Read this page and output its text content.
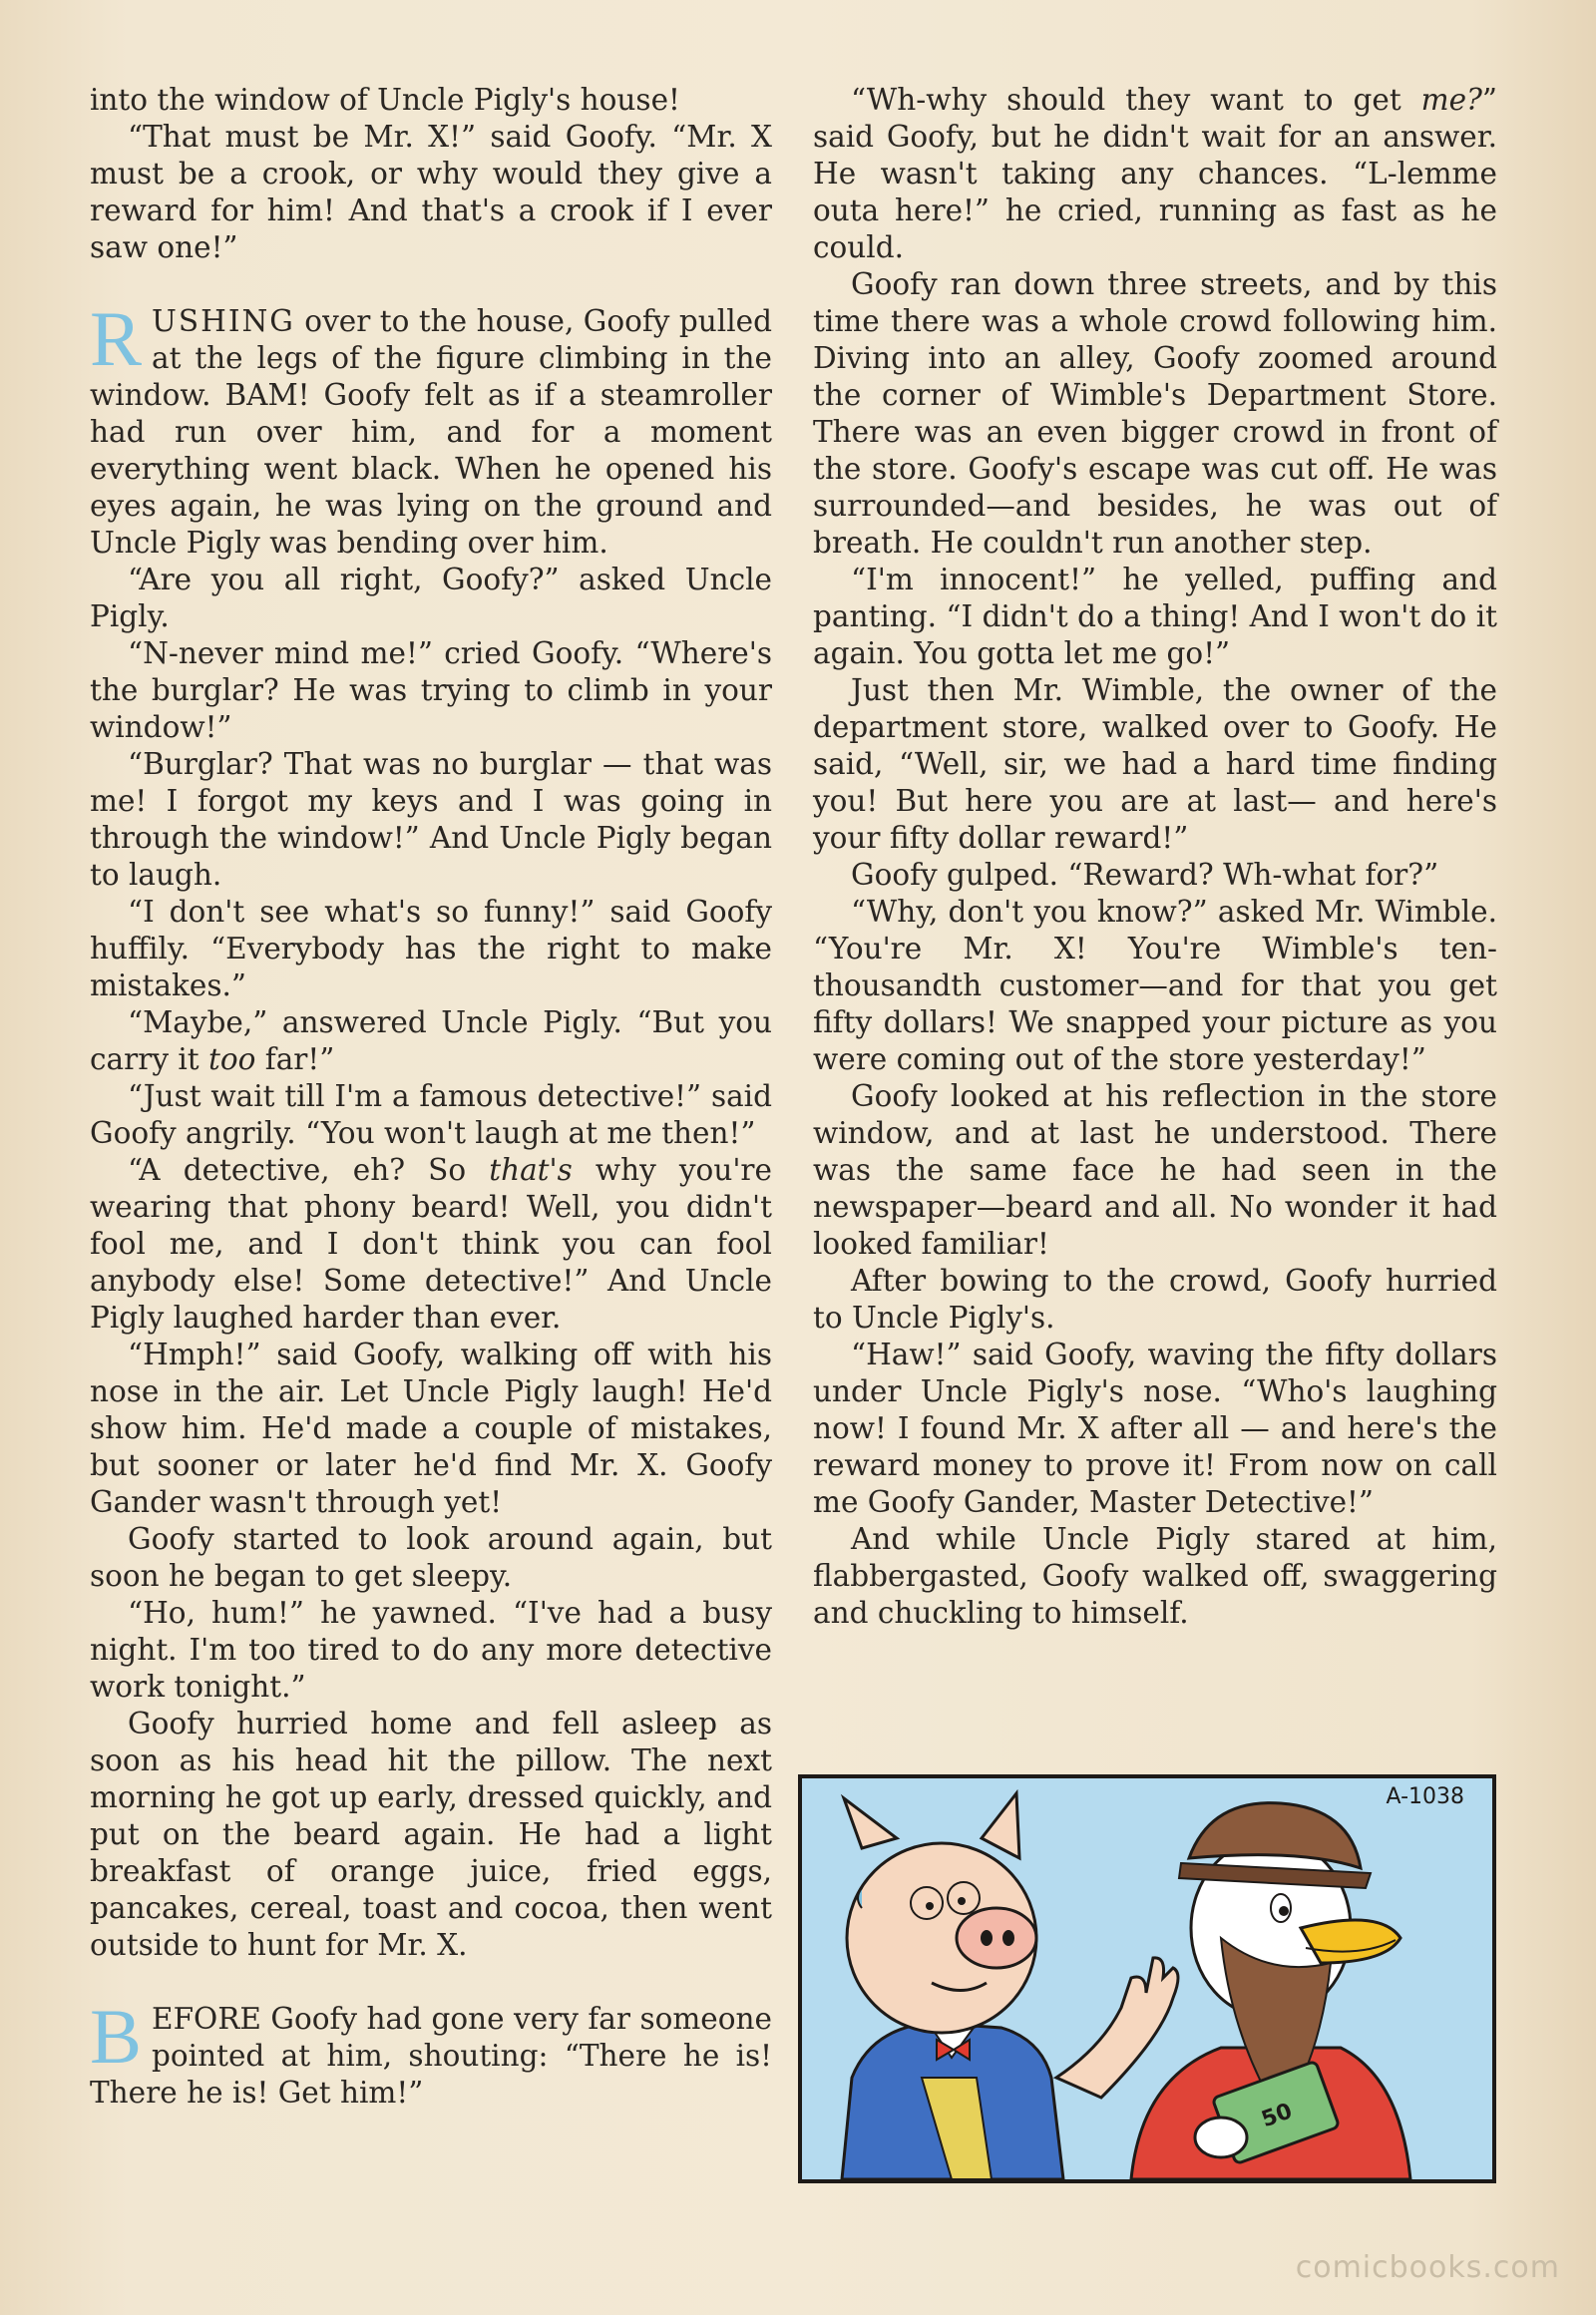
into the window of Uncle Pigly's house!

“That must be Mr. X!” said Goofy. “Mr. X must be a crook, or why would they give a reward for him! And that's a crook if I ever saw one!”

RUSHING over to the house, Goofy pulled at the legs of the figure climbing in the window. BAM! Goofy felt as if a steamroller had run over him, and for a moment everything went black. When he opened his eyes again, he was lying on the ground and Uncle Pigly was bending over him.

“Are you all right, Goofy?” asked Uncle Pigly.

“N-never mind me!” cried Goofy. “Where's the burglar? He was trying to climb in your window!”

“Burglar? That was no burglar — that was me! I forgot my keys and I was going in through the window!” And Uncle Pigly began to laugh.

“I don't see what's so funny!” said Goofy huffily. “Everybody has the right to make mistakes.”

“Maybe,” answered Uncle Pigly. “But you carry it too far!”

“Just wait till I'm a famous detective!” said Goofy angrily. “You won't laugh at me then!”

“A detective, eh? So that's why you're wearing that phony beard! Well, you didn't fool me, and I don't think you can fool anybody else! Some detective!” And Uncle Pigly laughed harder than ever.

“Hmph!” said Goofy, walking off with his nose in the air. Let Uncle Pigly laugh! He'd show him. He'd made a couple of mistakes, but sooner or later he'd find Mr. X. Goofy Gander wasn't through yet!

Goofy started to look around again, but soon he began to get sleepy.

“Ho, hum!” he yawned. “I've had a busy night. I'm too tired to do any more detective work tonight.”

Goofy hurried home and fell asleep as soon as his head hit the pillow. The next morning he got up early, dressed quickly, and put on the beard again. He had a light breakfast of orange juice, fried eggs, pancakes, cereal, toast and cocoa, then went outside to hunt for Mr. X.

BEFORE Goofy had gone very far someone pointed at him, shouting: “There he is! There he is! Get him!”

“Wh-why should they want to get me?” said Goofy, but he didn't wait for an answer. He wasn't taking any chances. “L-lemme outa here!” he cried, running as fast as he could.

Goofy ran down three streets, and by this time there was a whole crowd following him. Diving into an alley, Goofy zoomed around the corner of Wimble's Department Store. There was an even bigger crowd in front of the store. Goofy's escape was cut off. He was surrounded—and besides, he was out of breath. He couldn't run another step.

“I'm innocent!” he yelled, puffing and panting. “I didn't do a thing! And I won't do it again. You gotta let me go!”

Just then Mr. Wimble, the owner of the department store, walked over to Goofy. He said, “Well, sir, we had a hard time finding you! But here you are at last— and here's your fifty dollar reward!”

Goofy gulped. “Reward? Wh-what for?”

“Why, don't you know?” asked Mr. Wimble. “You're Mr. X! You're Wimble's ten-thousandth customer—and for that you get fifty dollars! We snapped your picture as you were coming out of the store yesterday!”

Goofy looked at his reflection in the store window, and at last he understood. There was the same face he had seen in the newspaper—beard and all. No wonder it had looked familiar!

After bowing to the crowd, Goofy hurried to Uncle Pigly's.

“Haw!” said Goofy, waving the fifty dollars under Uncle Pigly's nose. “Who's laughing now! I found Mr. X after all — and here's the reward money to prove it! From now on call me Goofy Gander, Master Detective!”

And while Uncle Pigly stared at him, flabbergasted, Goofy walked off, swaggering and chuckling to himself.

A-1038
50
comicbooks.com
